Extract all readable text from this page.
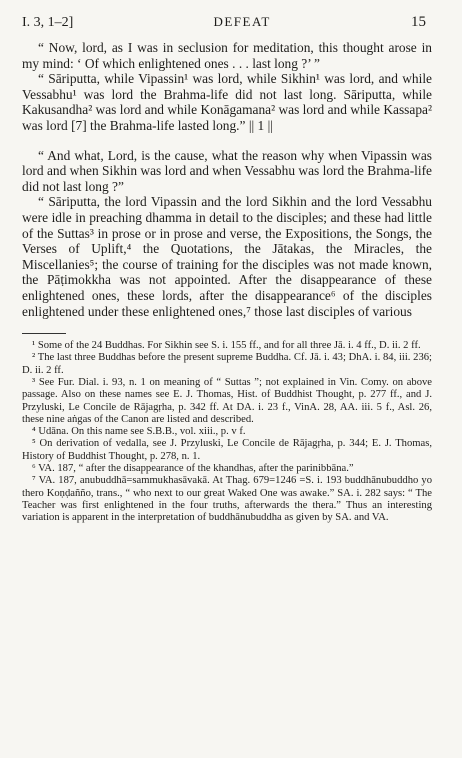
I. 3, 1–2]	DEFEAT	15

“ Now, lord, as I was in seclusion for meditation, this thought arose in my mind: ‘ Of which enlightened ones . . . last long ?’ ”

“ Sāriputta, while Vipassin¹ was lord, while Sikhin¹ was lord, and while Vessabhu¹ was lord the Brahma-life did not last long. Sāriputta, while Kakusandha² was lord and while Konāgamana² was lord and while Kassapa² was lord [7] the Brahma-life lasted long.” || 1 ||

“ And what, Lord, is the cause, what the reason why when Vipassin was lord and when Sikhin was lord and when Vessabhu was lord the Brahma-life did not last long ?”

“ Sāriputta, the lord Vipassin and the lord Sikhin and the lord Vessabhu were idle in preaching dhamma in detail to the disciples; and these had little of the Suttas³ in prose or in prose and verse, the Expositions, the Songs, the Verses of Uplift,⁴ the Quotations, the Jātakas, the Miracles, the Miscellanies⁵; the course of training for the disciples was not made known, the Pāṭimokkha was not appointed. After the disappearance of these enlightened ones, these lords, after the disappearance⁶ of the disciples enlightened under these enlightened ones,⁷ those last disciples of various

¹ Some of the 24 Buddhas. For Sikhin see S. i. 155 ff., and for all three Jā. i. 4 ff., D. ii. 2 ff.

² The last three Buddhas before the present supreme Buddha. Cf. Jā. i. 43; DhA. i. 84, iii. 236; D. ii. 2 ff.

³ See Fur. Dial. i. 93, n. 1 on meaning of “ Suttas ”; not explained in Vin. Comy. on above passage. Also on these names see E. J. Thomas, Hist. of Buddhist Thought, p. 277 ff., and J. Przyluski, Le Concile de Rājagṛha, p. 342 ff. At DA. i. 23 f., VinA. 28, AA. iii. 5 f., Asl. 26, these nine aṅgas of the Canon are listed and described.

⁴ Udāna. On this name see S.B.B., vol. xiii., p. v f.

⁵ On derivation of vedalla, see J. Przyluski, Le Concile de Rājagṛha, p. 344; E. J. Thomas, History of Buddhist Thought, p. 278, n. 1.

⁶ VA. 187, “ after the disappearance of the khandhas, after the parinibbāna.”

⁷ VA. 187, anubuddhā=sammukhasāvakā. At Thag. 679=1246 =S. i. 193 buddhānubuddho yo thero Koṇḍañño, trans., “ who next to our great Waked One was awake.” SA. i. 282 says: “ The Teacher was first enlightened in the four truths, afterwards the thera.” Thus an interesting variation is apparent in the interpretation of buddhānubuddha as given by SA. and VA.
